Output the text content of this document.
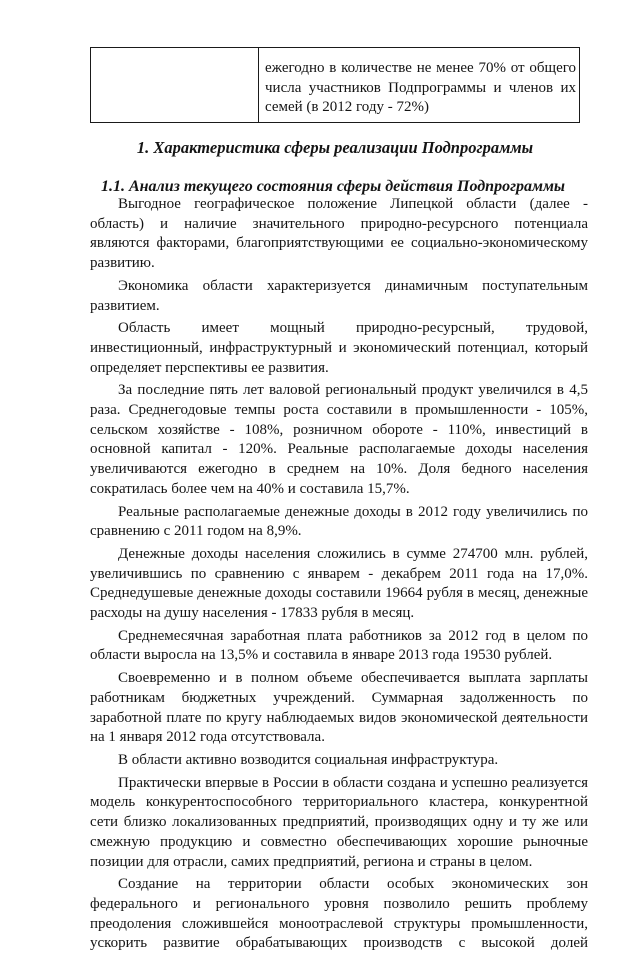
	ежегодно в количестве не менее 70% от общего числа участников Подпрограммы и членов их семей (в 2012 году - 72%)
1. Характеристика сферы реализации Подпрограммы
1.1. Анализ текущего состояния сферы действия Подпрограммы

Выгодное географическое положение Липецкой области (далее - область) и наличие значительного природно-ресурсного потенциала являются факторами, благоприятствующими ее социально-экономическому развитию.

Экономика области характеризуется динамичным поступательным развитием.

Область имеет мощный природно-ресурсный, трудовой, инвестиционный, инфраструктурный и экономический потенциал, который определяет перспективы ее развития.

За последние пять лет валовой региональный продукт увеличился в 4,5 раза. Среднегодовые темпы роста составили в промышленности - 105%, сельском хозяйстве - 108%, розничном обороте - 110%, инвестиций в основной капитал - 120%. Реальные располагаемые доходы населения увеличиваются ежегодно в среднем на 10%. Доля бедного населения сократилась более чем на 40% и составила 15,7%.

Реальные располагаемые денежные доходы в 2012 году увеличились по сравнению с 2011 годом на 8,9%.

Денежные доходы населения сложились в сумме 274700 млн. рублей, увеличившись по сравнению с январем - декабрем 2011 года на 17,0%. Среднедушевые денежные доходы составили 19664 рубля в месяц, денежные расходы на душу населения - 17833 рубля в месяц.

Среднемесячная заработная плата работников за 2012 год в целом по области выросла на 13,5% и составила в январе 2013 года 19530 рублей.

Своевременно и в полном объеме обеспечивается выплата зарплаты работникам бюджетных учреждений. Суммарная задолженность по заработной плате по кругу наблюдаемых видов экономической деятельности на 1 января 2012 года отсутствовала.

В области активно возводится социальная инфраструктура.

Практически впервые в России в области создана и успешно реализуется модель конкурентоспособного территориального кластера, конкурентной сети близко локализованных предприятий, производящих одну и ту же или смежную продукцию и совместно обеспечивающих хорошие рыночные позиции для отрасли, самих предприятий, региона и страны в целом.

Создание на территории области особых экономических зон федерального и регионального уровня позволило решить проблему преодоления сложившейся моноотраслевой структуры промышленности, ускорить развитие обрабатывающих производств с высокой долей
